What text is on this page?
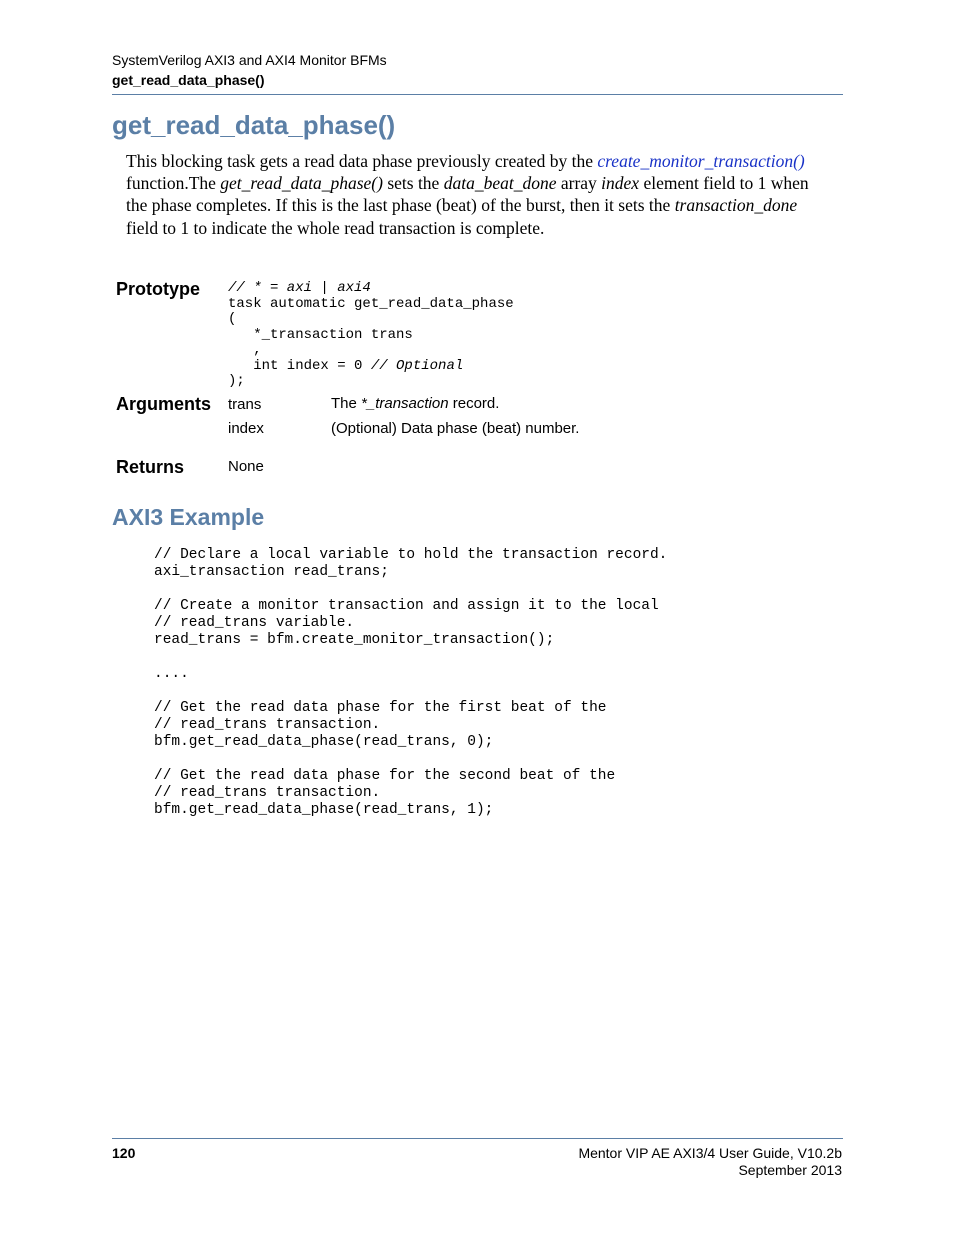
SystemVerilog AXI3 and AXI4 Monitor BFMs
get_read_data_phase()
get_read_data_phase()
This blocking task gets a read data phase previously created by the create_monitor_transaction() function.The get_read_data_phase() sets the data_beat_done array index element field to 1 when the phase completes. If this is the last phase (beat) of the burst, then it sets the transaction_done field to 1 to indicate the whole read transaction is complete.
Prototype // * = axi | axi4
task automatic get_read_data_phase
(
*_transaction trans
,
int index = 0 // Optional
);
Arguments trans	The *_transaction record.
index	(Optional) Data phase (beat) number.
Returns	None
AXI3 Example
// Declare a local variable to hold the transaction record.
axi_transaction read_trans;

// Create a monitor transaction and assign it to the local
// read_trans variable.
read_trans = bfm.create_monitor_transaction();

....

// Get the read data phase for the first beat of the
// read_trans transaction.
bfm.get_read_data_phase(read_trans, 0);

// Get the read data phase for the second beat of the
// read_trans transaction.
bfm.get_read_data_phase(read_trans, 1);
120	Mentor VIP AE AXI3/4 User Guide, V10.2b
September 2013
